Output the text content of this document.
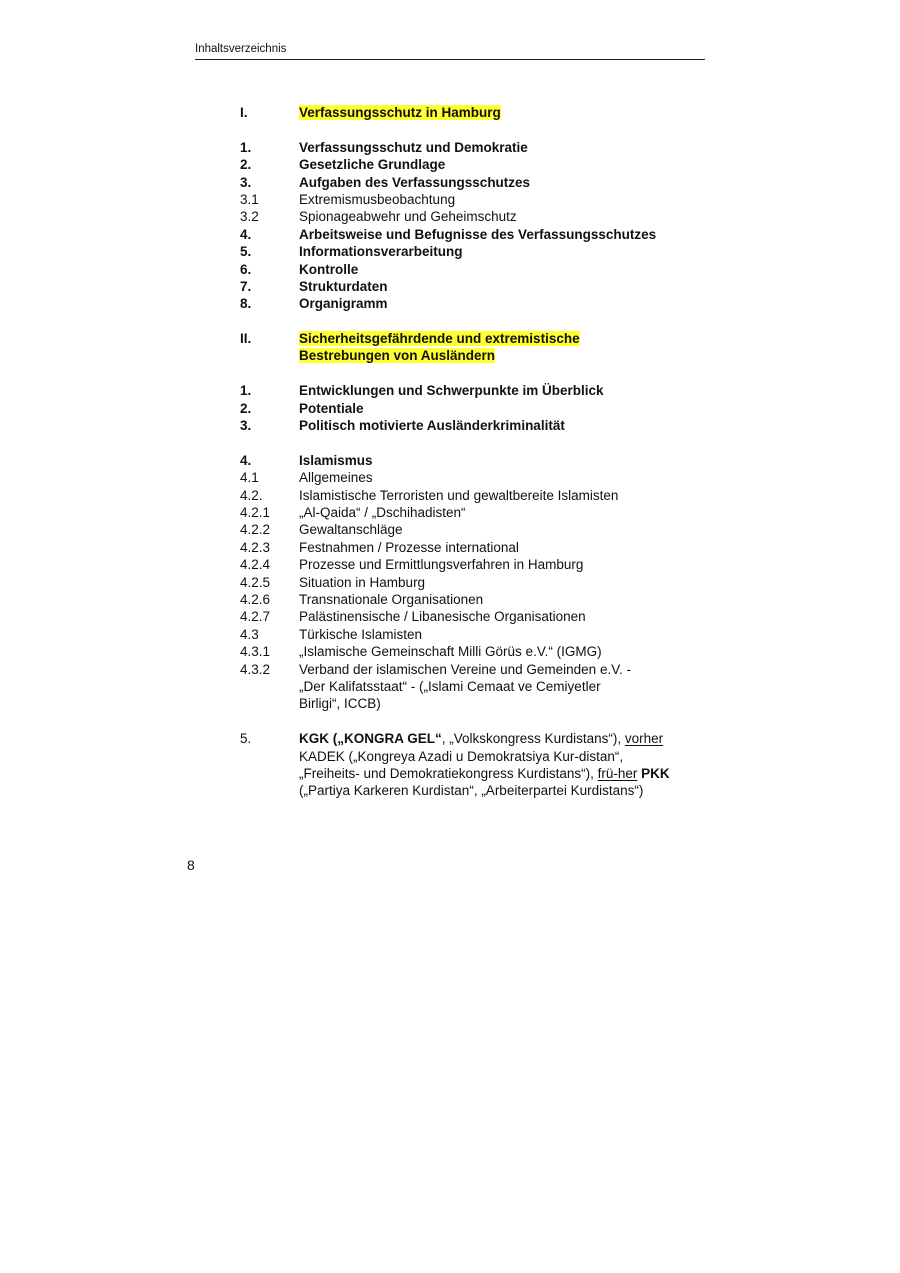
Inhaltsverzeichnis
I.	Verfassungsschutz in Hamburg
1.	Verfassungsschutz und Demokratie
2.	Gesetzliche Grundlage
3.	Aufgaben des Verfassungsschutzes
3.1	Extremismusbeobachtung
3.2	Spionageabwehr und Geheimschutz
4.	Arbeitsweise und Befugnisse des Verfassungsschutzes
5.	Informationsverarbeitung
6.	Kontrolle
7.	Strukturdaten
8.	Organigramm
II.	Sicherheitsgefährdende und extremistische
Bestrebungen von Ausländern
1.	Entwicklungen und Schwerpunkte im Überblick
2.	Potentiale
3.	Politisch motivierte Ausländerkriminalität
4.	Islamismus
4.1	Allgemeines
4.2.	Islamistische Terroristen und gewaltbereite Islamisten
4.2.1	„Al-Qaida“ / „Dschihadisten“
4.2.2	Gewaltanschläge
4.2.3	Festnahmen / Prozesse international
4.2.4	Prozesse und Ermittlungsverfahren in Hamburg
4.2.5	Situation in Hamburg
4.2.6	Transnationale Organisationen
4.2.7	Palästinensische / Libanesische Organisationen
4.3	Türkische Islamisten
4.3.1	„Islamische Gemeinschaft Milli Görüs e.V.“ (IGMG)
4.3.2	Verband der islamischen Vereine und Gemeinden e.V. -
„Der Kalifatsstaat“ - („Islami Cemaat ve Cemiyetler
Birligi“, ICCB)
5.	KGK („KONGRA GEL“, „Volkskongress Kurdistans“), vorher KADEK („Kongreya Azadi u Demokratsiya Kur-distan“,
„Freiheits- und Demokratiekongress Kurdistans“), frü-her PKK („Partiya Karkeren Kurdistan“, „Arbeiterpartei Kurdistans“)
8
